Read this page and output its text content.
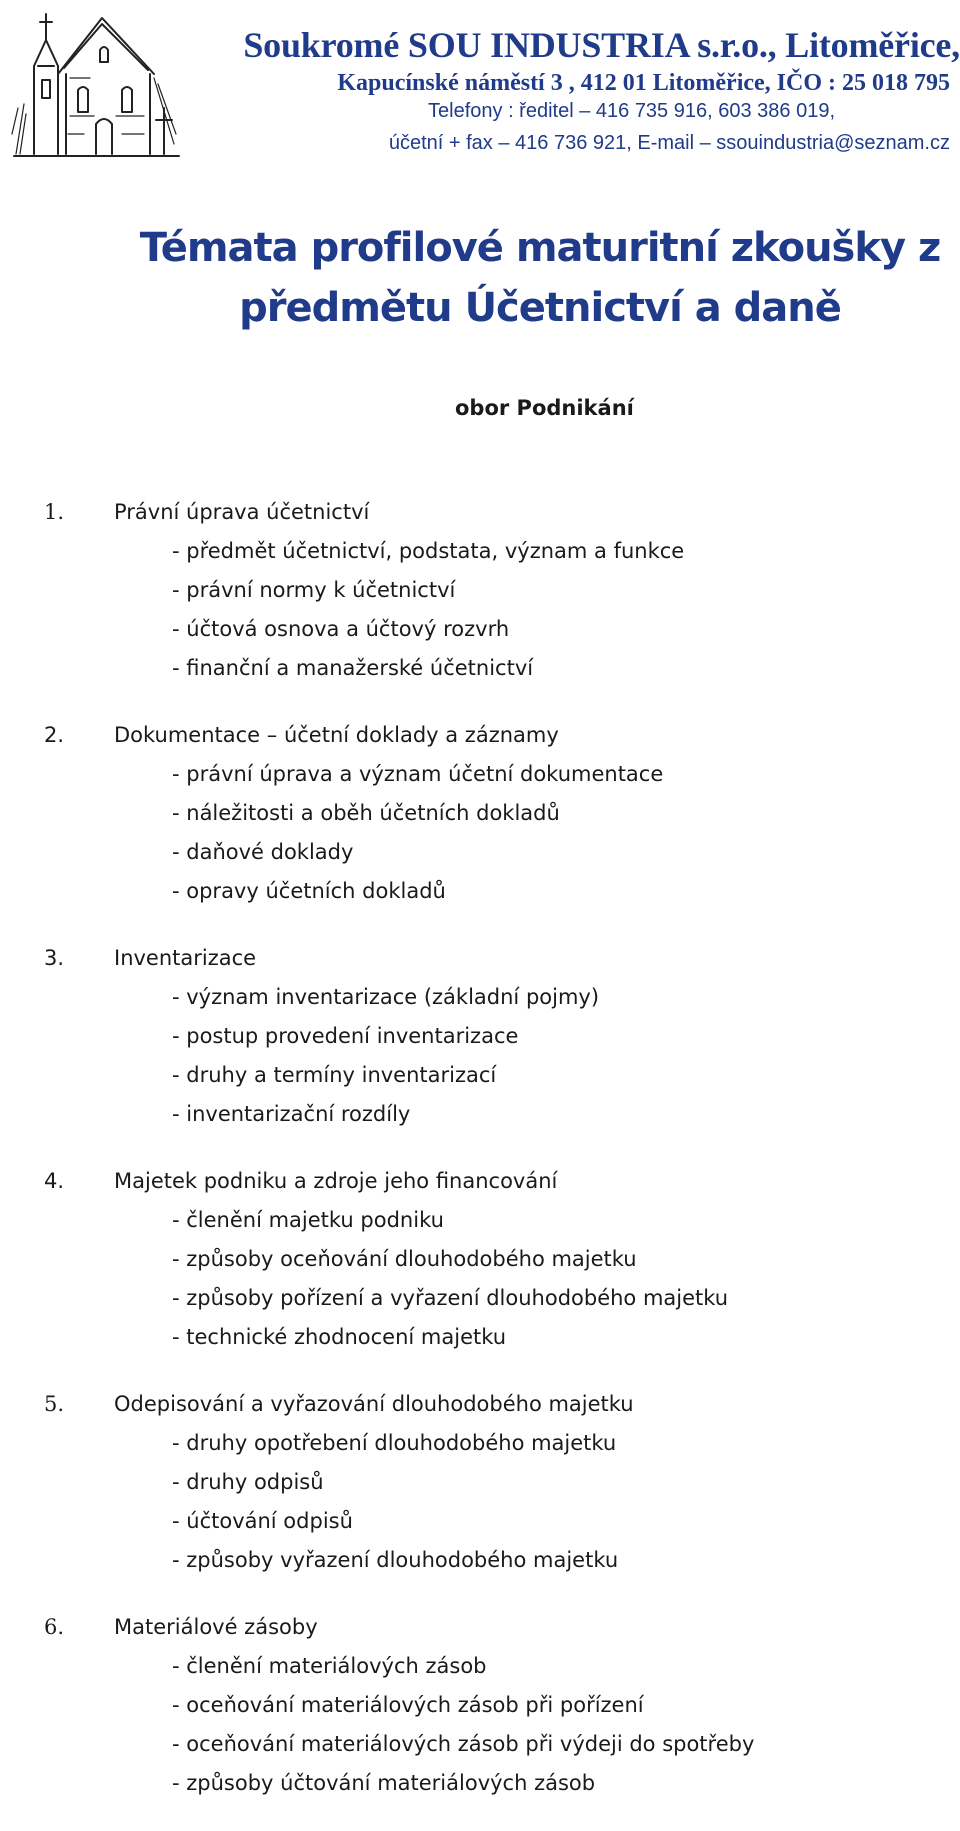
Soukromé SOU INDUSTRIA s.r.o., Litoměřice,

Kapucínské náměstí 3 , 412 01 Litoměřice, IČO : 25 018 795

Telefony : ředitel – 416 735 916, 603 386 019,

účetní + fax – 416 736 921, E-mail – ssouindustria@seznam.cz

Témata profilové maturitní zkoušky z
předmětu Účetnictví a daně

obor Podnikání

1. Právní úprava účetnictví
- předmět účetnictví, podstata, význam a funkce
- právní normy k účetnictví
- účtová osnova a účtový rozvrh
- finanční a manažerské účetnictví
2. Dokumentace – účetní doklady a záznamy
- právní úprava a význam účetní dokumentace
- náležitosti a oběh účetních dokladů
- daňové doklady
- opravy účetních dokladů
3. Inventarizace
- význam inventarizace (základní pojmy)
- postup provedení inventarizace
- druhy a termíny inventarizací
- inventarizační rozdíly
4. Majetek podniku a zdroje jeho financování
- členění majetku podniku
- způsoby oceňování dlouhodobého majetku
- způsoby pořízení a vyřazení dlouhodobého majetku
- technické zhodnocení majetku
5. Odepisování a vyřazování dlouhodobého majetku
- druhy opotřebení dlouhodobého majetku
- druhy odpisů
- účtování odpisů
- způsoby vyřazení dlouhodobého majetku
6. Materiálové zásoby
- členění materiálových zásob
- oceňování materiálových zásob při pořízení
- oceňování materiálových zásob při výdeji do spotřeby
- způsoby účtování materiálových zásob
